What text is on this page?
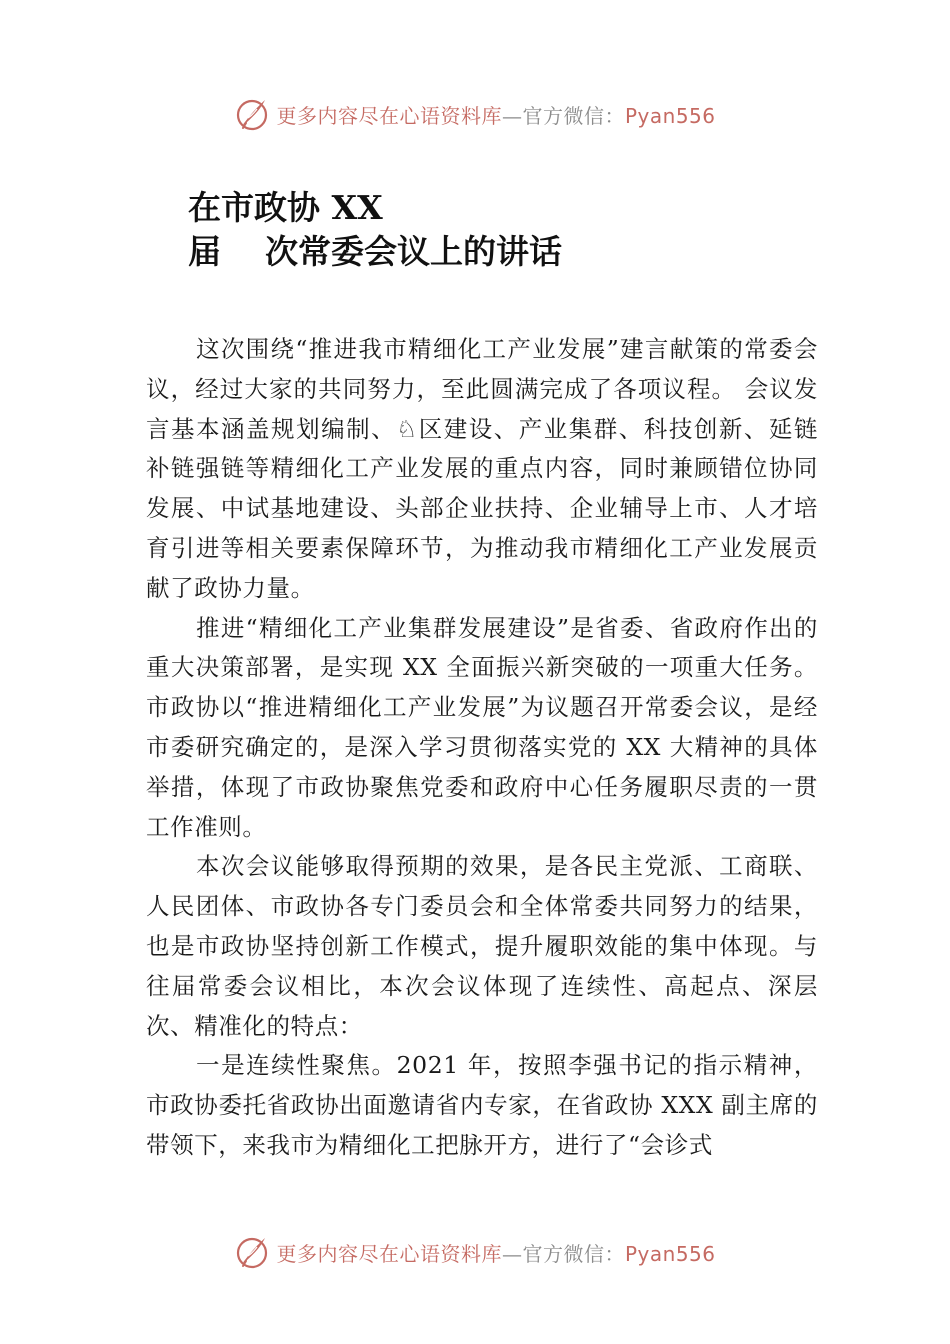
更多内容尽在心语资料库—官方微信：Pyan556
在市政协 XX
届 次常委会议上的讲话

这次围绕“推进我市精细化工产业发展”建言献策的常委会议，经过大家的共同努力，至此圆满完成了各项议程。 会议发言基本涵盖规划编制、♘区建设、产业集群、科技创新、延链补链强链等精细化工产业发展的重点内容，同时兼顾错位协同发展、中试基地建设、头部企业扶持、企业辅导上市、人才培育引进等相关要素保障环节，为推动我市精细化工产业发展贡献了政协力量。

推进“精细化工产业集群发展建设”是省委、省政府作出的重大决策部署，是实现 XX 全面振兴新突破的一项重大任务。市政协以“推进精细化工产业发展”为议题召开常委会议，是经市委研究确定的，是深入学习贯彻落实党的 XX 大精神的具体举措，体现了市政协聚焦党委和政府中心任务履职尽责的一贯工作准则。

本次会议能够取得预期的效果，是各民主党派、工商联、人民团体、市政协各专门委员会和全体常委共同努力的结果，也是市政协坚持创新工作模式，提升履职效能的集中体现。与往届常委会议相比，本次会议体现了连续性、高起点、深层次、精准化的特点：

一是连续性聚焦。2021 年，按照李强书记的指示精神，市政协委托省政协出面邀请省内专家，在省政协 XXX 副主席的带领下，来我市为精细化工把脉开方，进行了“会诊式

更多内容尽在心语资料库—官方微信：Pyan556
